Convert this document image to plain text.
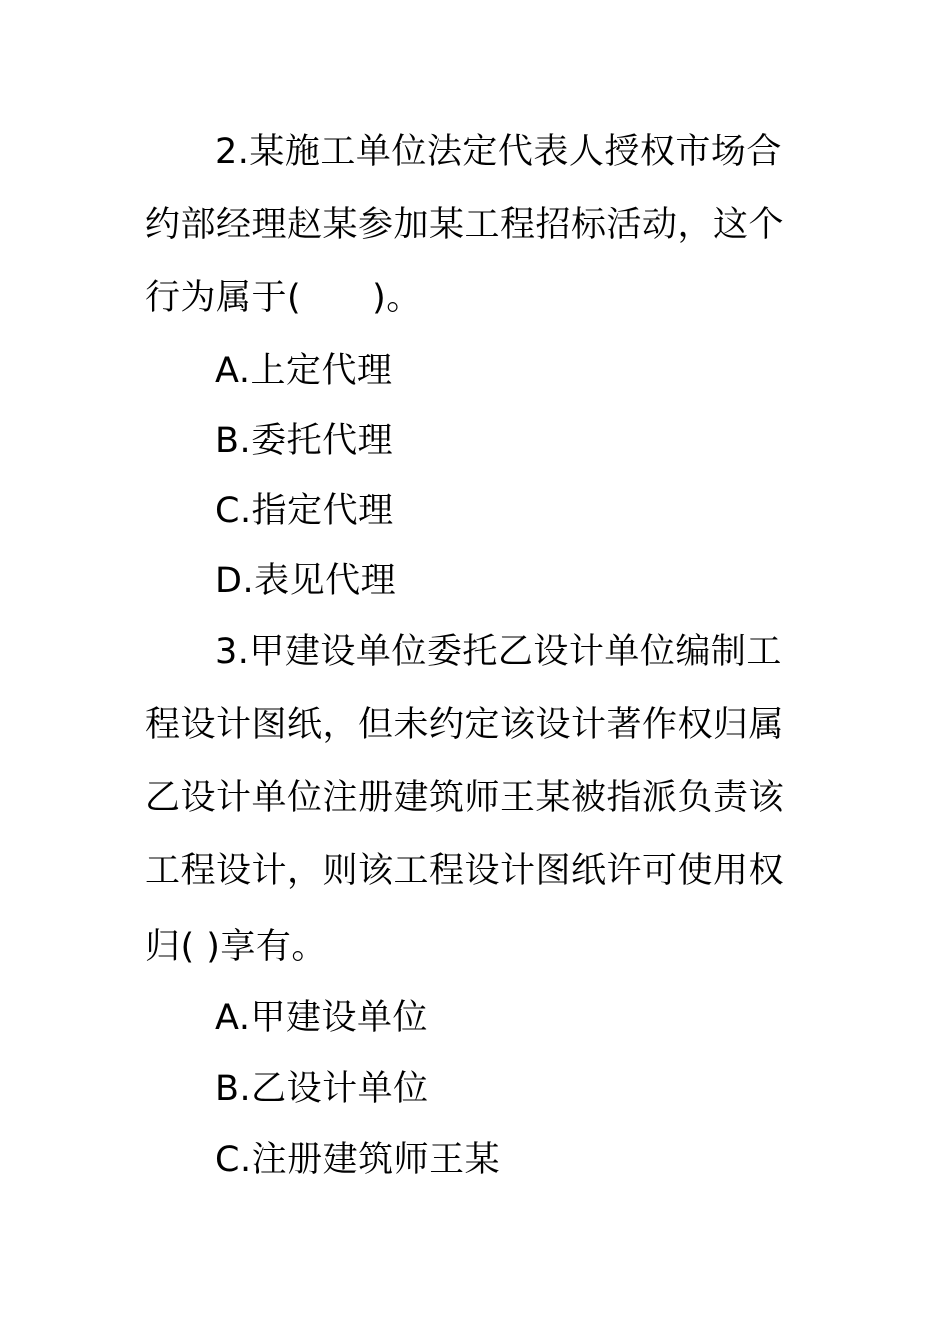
2.某施工单位法定代表人授权市场合
约部经理赵某参加某工程招标活动，这个
行为属于(　　)。
A.上定代理
B.委托代理
C.指定代理
D.表见代理
3.甲建设单位委托乙设计单位编制工
程设计图纸，但未约定该设计著作权归属
乙设计单位注册建筑师王某被指派负责该
工程设计，则该工程设计图纸许可使用权
归( )享有。
A.甲建设单位
B.乙设计单位
C.注册建筑师王某
